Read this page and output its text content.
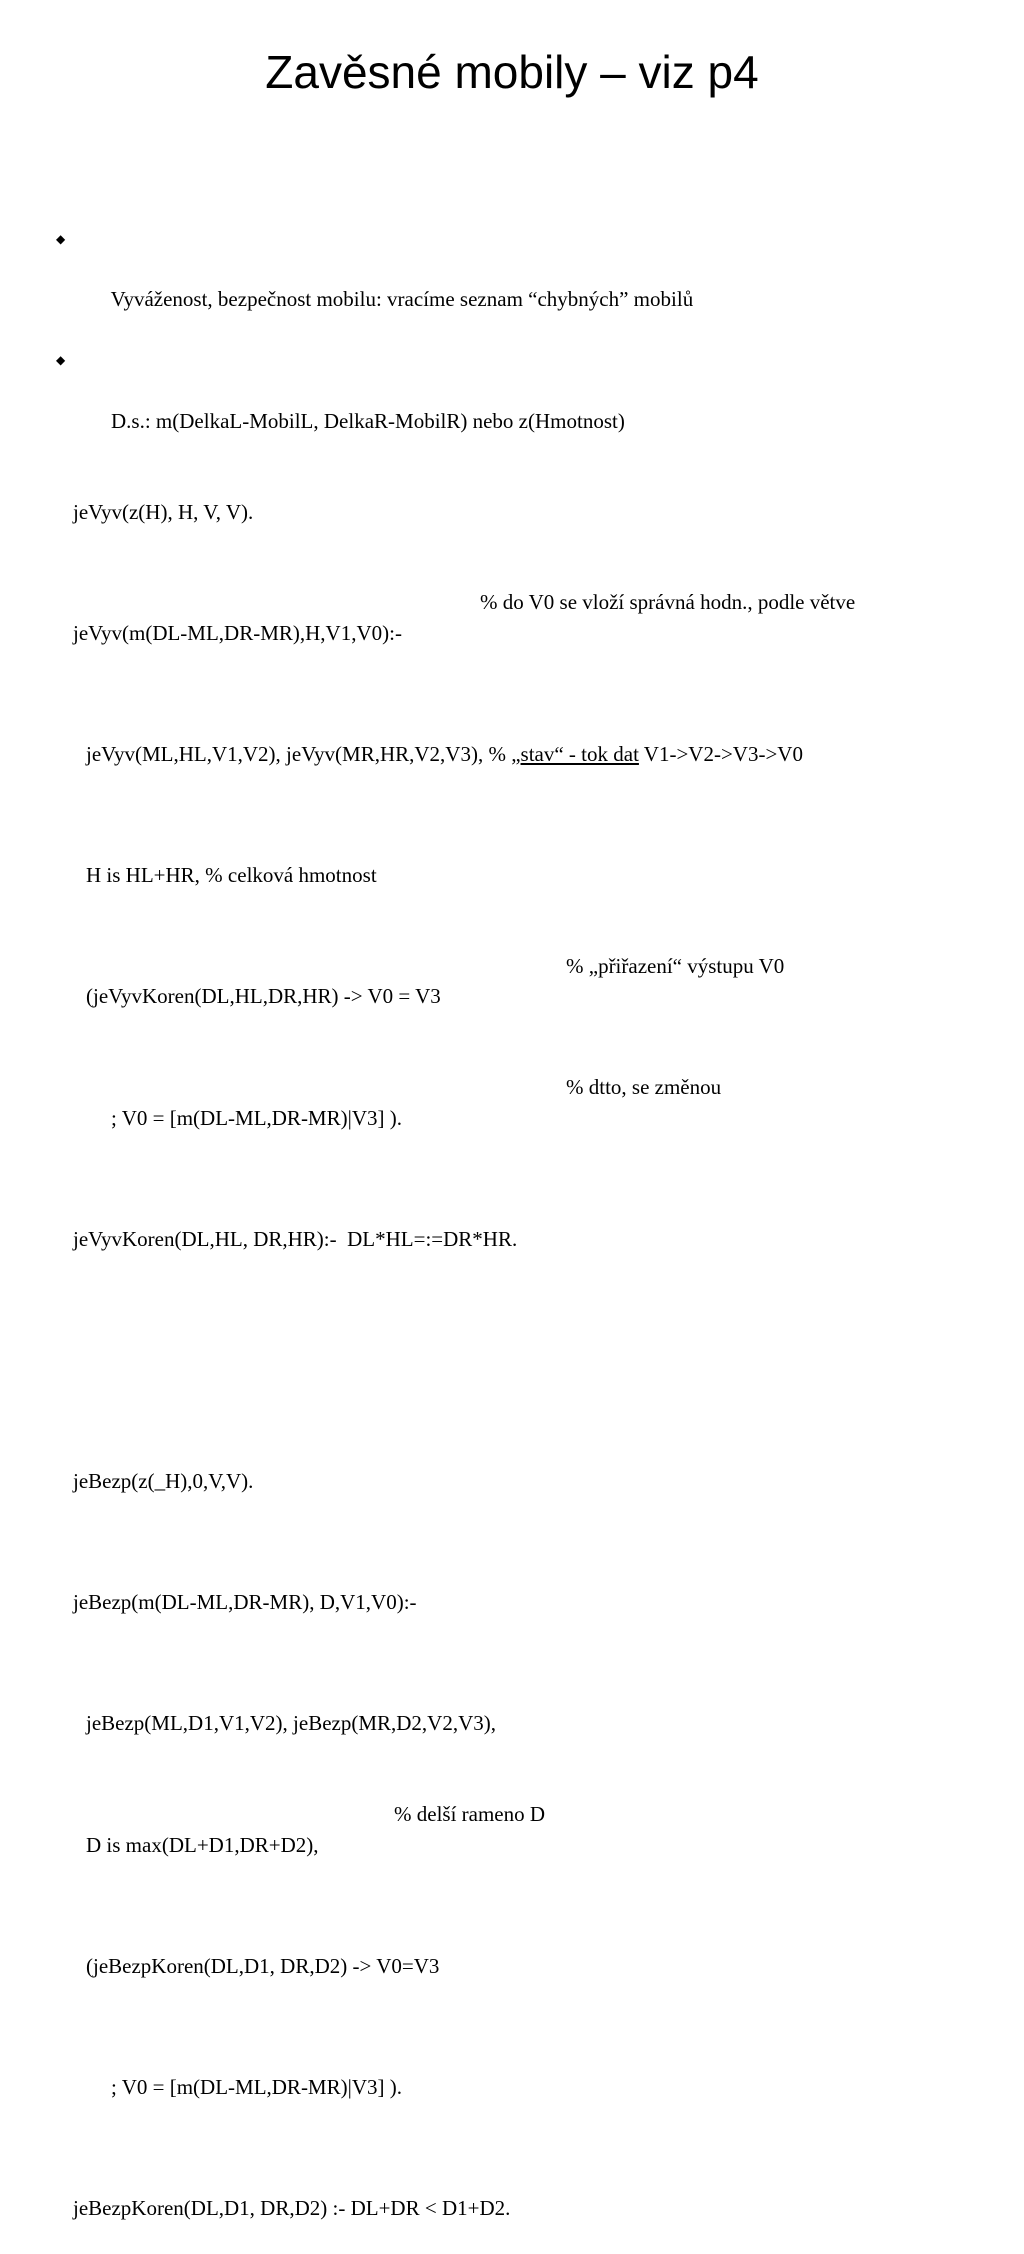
Zavěsné mobily – viz p4

◆

Vyváženost, bezpečnost mobilu: vracíme seznam “chybných” mobilů

◆

D.s.: m(DelkaL-MobilL, DelkaR-MobilR) nebo z(Hmotnost)

jeVyv(z(H), H, V, V).

jeVyv(m(DL-ML,DR-MR),H,V1,V0):-

% do V0 se vloží správná hodn., podle větve

jeVyv(ML,HL,V1,V2), jeVyv(MR,HR,V2,V3), % „stav“ - tok dat V1->V2->V3->V0

H is HL+HR, % celková hmotnost

(jeVyvKoren(DL,HL,DR,HR) -> V0 = V3

% „přiřazení“ výstupu V0

; V0 = [m(DL-ML,DR-MR)|V3] ).

% dtto, se změnou

jeVyvKoren(DL,HL, DR,HR):-  DL*HL=:=DR*HR.

jeBezp(z(_H),0,V,V).

jeBezp(m(DL-ML,DR-MR), D,V1,V0):-

jeBezp(ML,D1,V1,V2), jeBezp(MR,D2,V2,V3),

D is max(DL+D1,DR+D2),

% delší rameno D

(jeBezpKoren(DL,D1, DR,D2) -> V0=V3

; V0 = [m(DL-ML,DR-MR)|V3] ).

jeBezpKoren(DL,D1, DR,D2) :- DL+DR < D1+D2.
